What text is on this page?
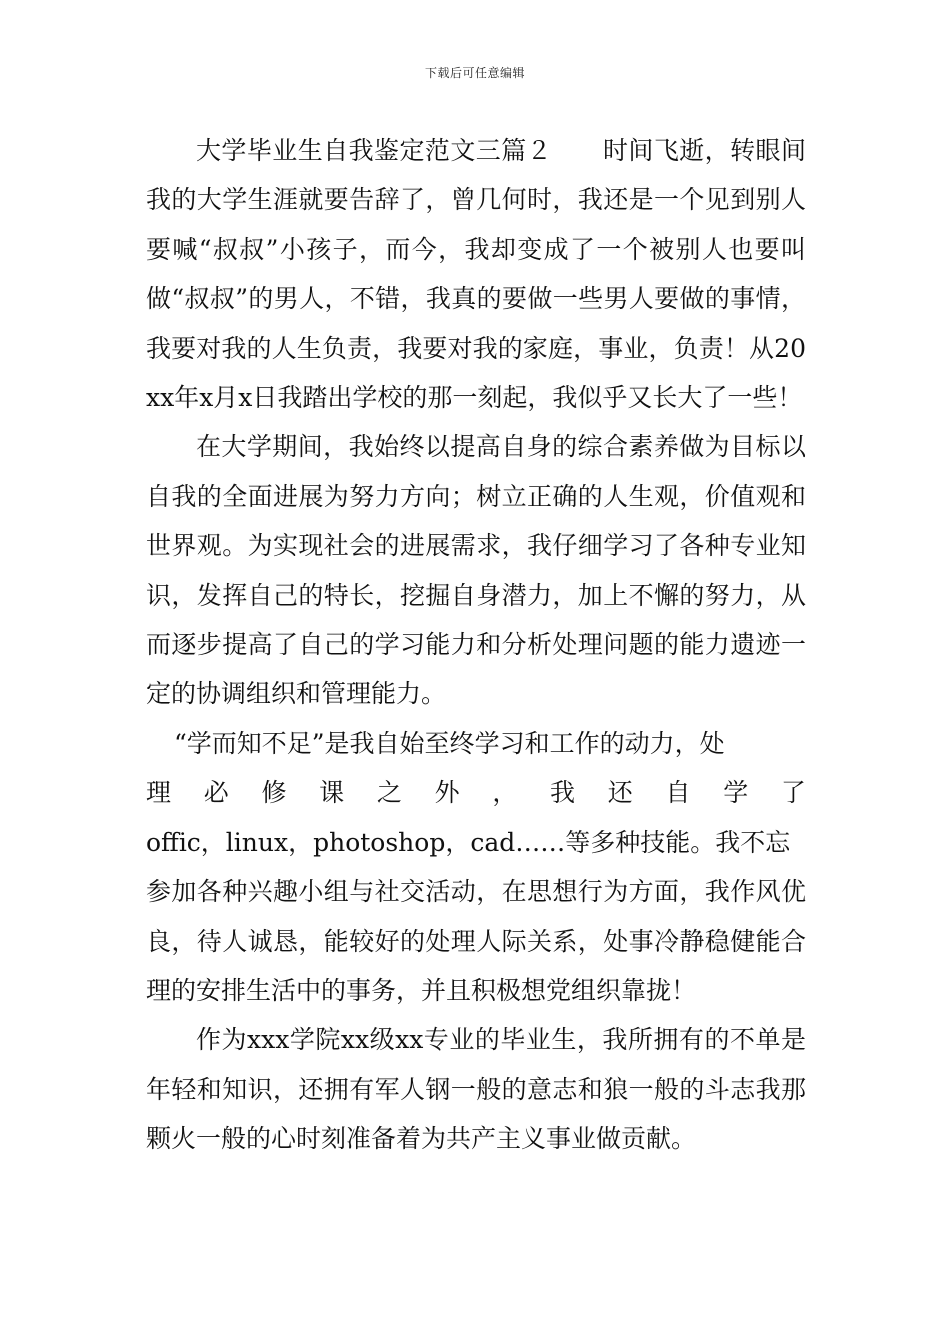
下载后可任意编辑

大学毕业生自我鉴定范文三篇２　　时间飞逝，转眼间我的大学生涯就要告辞了，曾几何时，我还是一个见到别人要喊“叔叔”小孩子，而今，我却变成了一个被别人也要叫做“叔叔”的男人，不错，我真的要做一些男人要做的事情，我要对我的人生负责，我要对我的家庭，事业，负责！从20xx年x月x日我踏出学校的那一刻起，我似乎又长大了一些！

在大学期间，我始终以提高自身的综合素养做为目标以自我的全面进展为努力方向；树立正确的人生观，价值观和世界观。为实现社会的进展需求，我仔细学习了各种专业知识，发挥自己的特长，挖掘自身潜力，加上不懈的努力，从而逐步提高了自己的学习能力和分析处理问题的能力遗迹一定的协调组织和管理能力。

“学而知不足”是我自始至终学习和工作的动力，处
理 必 修 课 之 外 ， 我 还 自 学 了
offic，linux，photoshop，cad……等多种技能。我不忘

参加各种兴趣小组与社交活动，在思想行为方面，我作风优良，待人诚恳，能较好的处理人际关系，处事冷静稳健能合理的安排生活中的事务，并且积极想党组织靠拢！

作为xxx学院xx级xx专业的毕业生，我所拥有的不单是年轻和知识，还拥有军人钢一般的意志和狼一般的斗志我那颗火一般的心时刻准备着为共产主义事业做贡献。
